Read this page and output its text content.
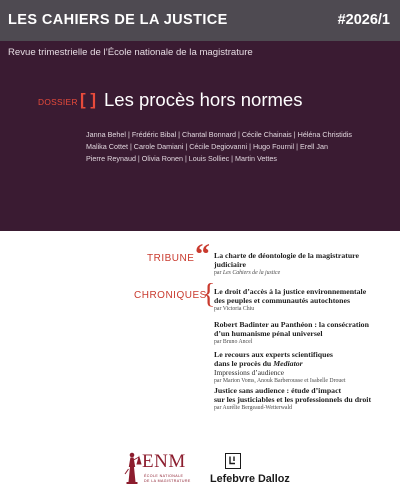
LES CAHIERS DE LA JUSTICE	#2026/1
Revue trimestrielle de l’École nationale de la magistrature
DOSSIER [ ] Les procès hors normes
Janna Behel | Frédéric Bibal | Chantal Bonnard | Cécile Chainais | Héléna Christidis
Malika Cottet | Carole Damiani | Cécile Degiovanni | Hugo Fournil | Erell Jan
Pierre Reynaud | Olivia Ronen | Louis Solliec | Martin Vettes
TRIBUNE “ La charte de déontologie de la magistrature
judiciaire
par Les Cahiers de la justice
CHRONIQUES
{
Le droit d’accès à la justice environnementale
des peuples et communautés autochtones
par Victoria Chiu
Robert Badinter au Panthéon : la consécration
d’un humanisme pénal universel
par Bruno Ancel
Le recours aux experts scientifiques
dans le procès du Mediator
Impressions d’audience
par Marion Voms, Anouk Barberousse et Isabelle Drouet
Justice sans audience : étude d’impact
sur les justiciables et les professionnels du droit
par Aurélie Bergeaud-Wetterwald
ENM
ÉCOLE NATIONALE
DE LA MAGISTRATURE Lefebvre Dalloz
